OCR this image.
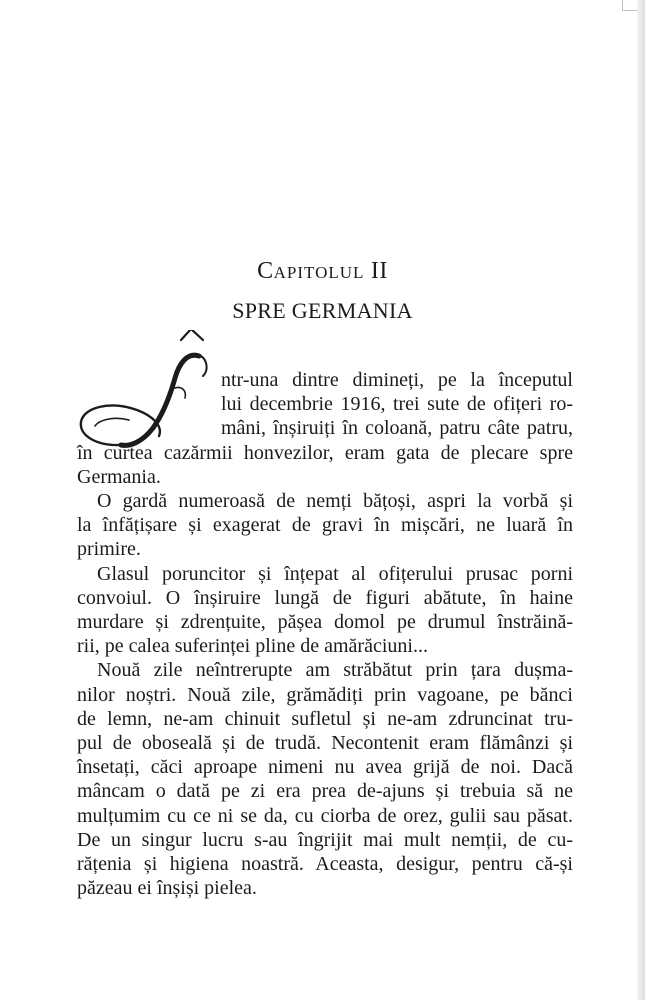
CAPITOLUL II
SPRE GERMANIA
Î
ntr-una dintre dimineți, pe la începutul
lui decembrie 1916, trei sute de ofițeri ro-
mâni, înșiruiți în coloană, patru câte patru,
în curtea cazărmii honvezilor, eram gata de plecare spre
Germania.
O gardă numeroasă de nemți bățoși, aspri la vorbă și
la înfățișare și exagerat de gravi în mișcări, ne luară în
primire.
Glasul poruncitor și înțepat al ofițerului prusac porni
convoiul. O înșiruire lungă de figuri abătute, în haine
murdare și zdrențuite, pășea domol pe drumul înstrăină-
rii, pe calea suferinței pline de amărăciuni...
Nouă zile neîntrerupte am străbătut prin țara dușma-
nilor noștri. Nouă zile, grămădiți prin vagoane, pe bănci
de lemn, ne-am chinuit sufletul și ne-am zdruncinat tru-
pul de oboseală și de trudă. Necontenit eram flămânzi și
însetați, căci aproape nimeni nu avea grijă de noi. Dacă
mâncam o dată pe zi era prea de-ajuns și trebuia să ne
mulțumim cu ce ni se da, cu ciorba de orez, gulii sau păsat.
De un singur lucru s-au îngrijit mai mult nemții, de cu-
rățenia și higiena noastră. Aceasta, desigur, pentru că-și
păzeau ei înșiși pielea.
